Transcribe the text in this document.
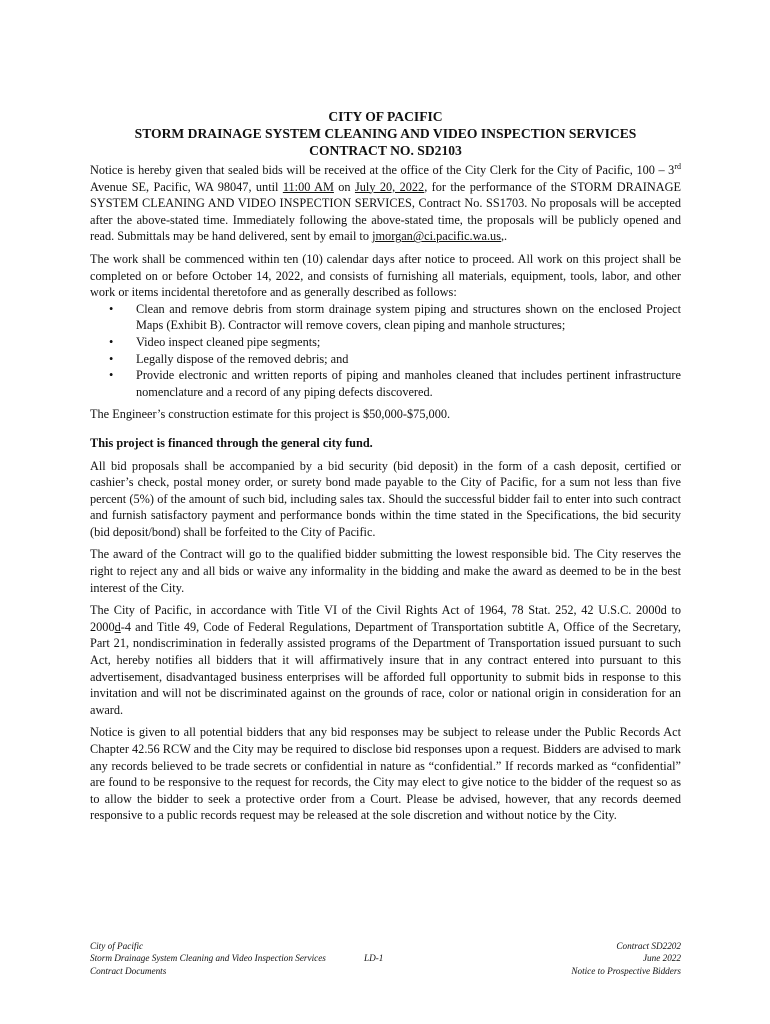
CITY OF PACIFIC
STORM DRAINAGE SYSTEM CLEANING AND VIDEO INSPECTION SERVICES
CONTRACT NO. SD2103

Notice is hereby given that sealed bids will be received at the office of the City Clerk for the City of Pacific, 100 – 3rd Avenue SE, Pacific, WA 98047, until 11:00 AM on July 20, 2022, for the performance of the STORM DRAINAGE SYSTEM CLEANING AND VIDEO INSPECTION SERVICES, Contract No. SS1703. No proposals will be accepted after the above-stated time. Immediately following the above-stated time, the proposals will be publicly opened and read. Submittals may be hand delivered, sent by email to jmorgan@ci.pacific.wa.us,.

The work shall be commenced within ten (10) calendar days after notice to proceed. All work on this project shall be completed on or before October 14, 2022, and consists of furnishing all materials, equipment, tools, labor, and other work or items incidental theretofore and as generally described as follows:

• Clean and remove debris from storm drainage system piping and structures shown on the enclosed Project Maps (Exhibit B). Contractor will remove covers, clean piping and manhole structures;
• Video inspect cleaned pipe segments;
• Legally dispose of the removed debris; and
• Provide electronic and written reports of piping and manholes cleaned that includes pertinent infrastructure nomenclature and a record of any piping defects discovered.

The Engineer’s construction estimate for this project is $50,000-$75,000.

This project is financed through the general city fund.

All bid proposals shall be accompanied by a bid security (bid deposit) in the form of a cash deposit, certified or cashier’s check, postal money order, or surety bond made payable to the City of Pacific, for a sum not less than five percent (5%) of the amount of such bid, including sales tax. Should the successful bidder fail to enter into such contract and furnish satisfactory payment and performance bonds within the time stated in the Specifications, the bid security (bid deposit/bond) shall be forfeited to the City of Pacific.

The award of the Contract will go to the qualified bidder submitting the lowest responsible bid. The City reserves the right to reject any and all bids or waive any informality in the bidding and make the award as deemed to be in the best interest of the City.

The City of Pacific, in accordance with Title VI of the Civil Rights Act of 1964, 78 Stat. 252, 42 U.S.C. 2000d to 2000d-4 and Title 49, Code of Federal Regulations, Department of Transportation subtitle A, Office of the Secretary, Part 21, nondiscrimination in federally assisted programs of the Department of Transportation issued pursuant to such Act, hereby notifies all bidders that it will affirmatively insure that in any contract entered into pursuant to this advertisement, disadvantaged business enterprises will be afforded full opportunity to submit bids in response to this invitation and will not be discriminated against on the grounds of race, color or national origin in consideration for an award.

Notice is given to all potential bidders that any bid responses may be subject to release under the Public Records Act Chapter 42.56 RCW and the City may be required to disclose bid responses upon a request. Bidders are advised to mark any records believed to be trade secrets or confidential in nature as “confidential.” If records marked as “confidential” are found to be responsive to the request for records, the City may elect to give notice to the bidder of the request so as to allow the bidder to seek a protective order from a Court. Please be advised, however, that any records deemed responsive to a public records request may be released at the sole discretion and without notice by the City.

City of Pacific
Storm Drainage System Cleaning and Video Inspection Services
Contract Documents
LD-1
Contract SD2202
June 2022
Notice to Prospective Bidders
